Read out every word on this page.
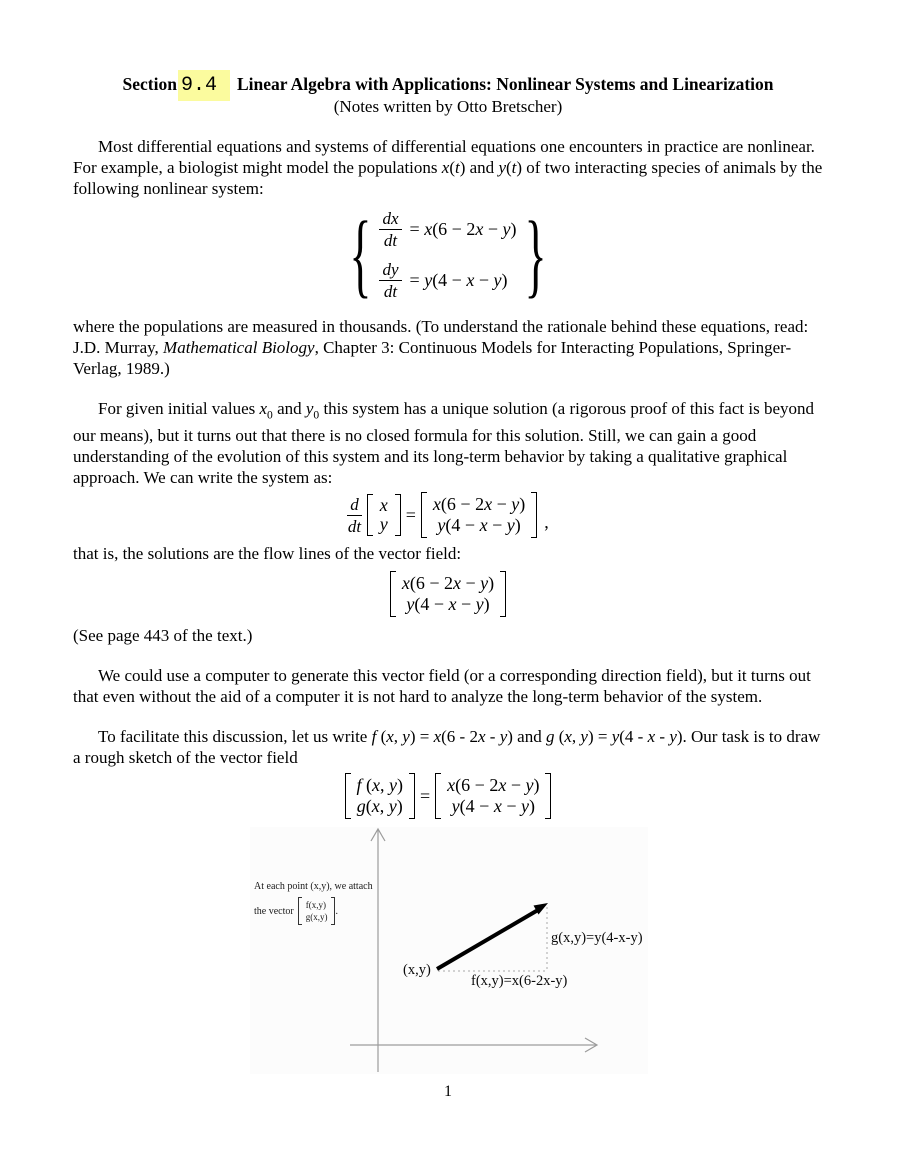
Section 9.4 Linear Algebra with Applications: Nonlinear Systems and Linearization
(Notes written by Otto Bretscher)

Most differential equations and systems of differential equations one encounters in practice are nonlinear. For example, a biologist might model the populations x(t) and y(t) of two interacting species of animals by the following nonlinear system:

{ $\frac{dx}{dt} = x(6 - 2x - y)$
$\frac{dy}{dt} = y(4 - x - y)$ }

where the populations are measured in thousands. (To understand the rationale behind these equations, read: J.D. Murray, Mathematical Biology, Chapter 3: Continuous Models for Interacting Populations, Springer-Verlag, 1989.)

For given initial values $x_0$ and $y_0$ this system has a unique solution (a rigorous proof of this fact is beyond our means), but it turns out that there is no closed formula for this solution. Still, we can gain a good understanding of the evolution of this system and its long-term behavior by taking a qualitative graphical approach. We can write the system as:

$\frac{d}{dt}$ x
y =
x(6 − 2x − y)
y(4 − x − y) ,

that is, the solutions are the flow lines of the vector field:

x(6 − 2x − y)
y(4 − x − y)

(See page 443 of the text.)

We could use a computer to generate this vector field (or a corresponding direction field), but it turns out that even without the aid of a computer it is not hard to analyze the long-term behavior of the system.

To facilitate this discussion, let us write f (x, y) = x(6 - 2x - y) and g (x, y) = y(4 - x - y). Our task is to draw a rough sketch of the vector field

f (x, y)
g(x, y)
=
x(6 − 2x − y)
y(4 − x − y)
At each point (x,y), we attach
the vector
f(x,y)
g(x,y)
.
(x,y)
f(x,y)=x(6-2x-y)
g(x,y)=y(4-x-y)
1
